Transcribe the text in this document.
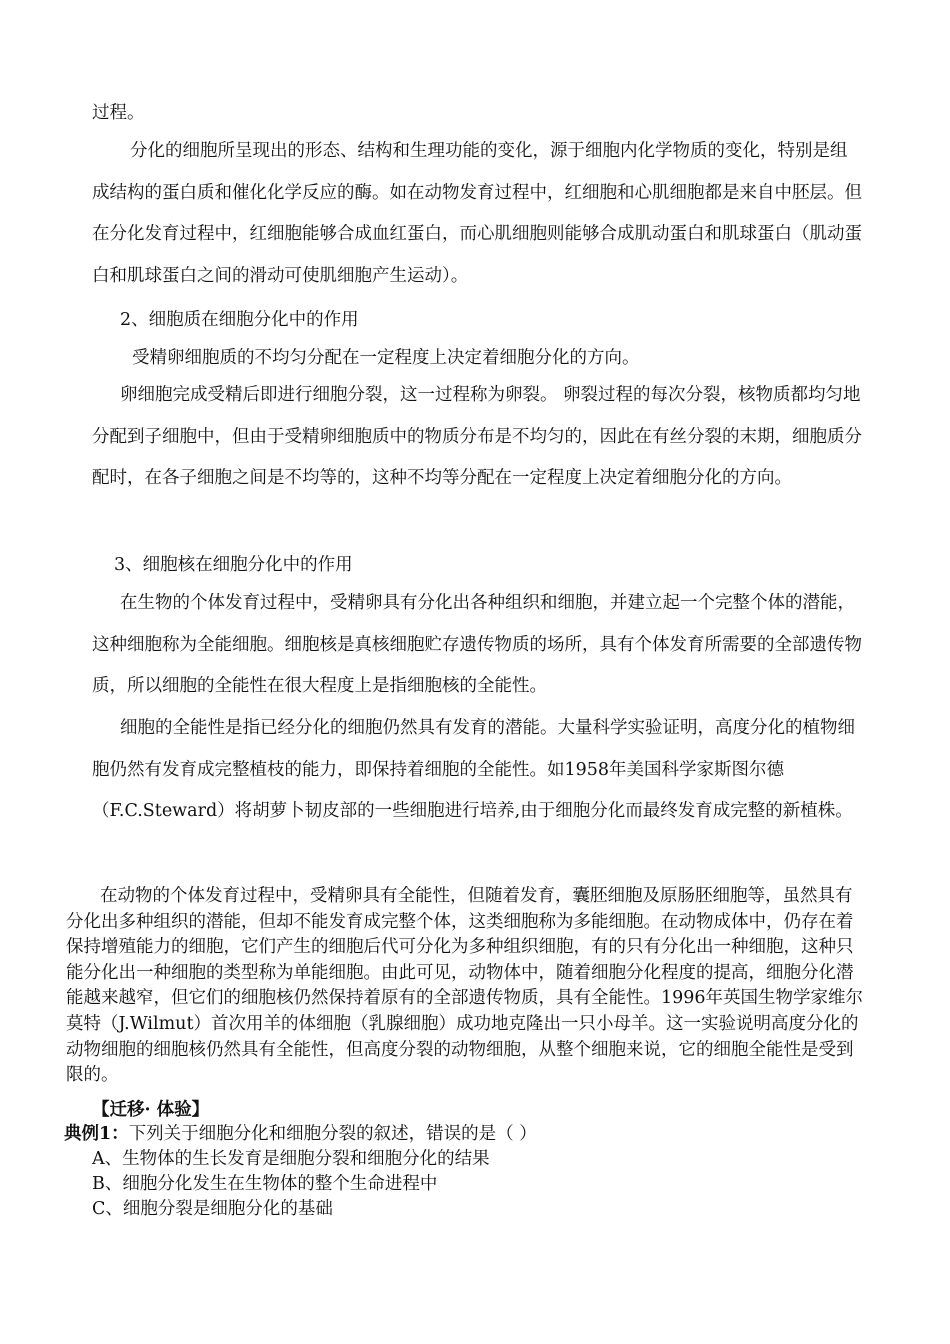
过程。

分化的细胞所呈现出的形态、结构和生理功能的变化，源于细胞内化学物质的变化，特别是组成结构的蛋白质和催化化学反应的酶。如在动物发育过程中，红细胞和心肌细胞都是来自中胚层。但在分化发育过程中，红细胞能够合成血红蛋白，而心肌细胞则能够合成肌动蛋白和肌球蛋白（肌动蛋白和肌球蛋白之间的滑动可使肌细胞产生运动）。

2、细胞质在细胞分化中的作用

受精卵细胞质的不均匀分配在一定程度上决定着细胞分化的方向。

卵细胞完成受精后即进行细胞分裂，这一过程称为卵裂。 卵裂过程的每次分裂，核物质都均匀地分配到子细胞中，但由于受精卵细胞质中的物质分布是不均匀的，因此在有丝分裂的末期，细胞质分配时，在各子细胞之间是不均等的，这种不均等分配在一定程度上决定着细胞分化的方向。

3、细胞核在细胞分化中的作用

在生物的个体发育过程中，受精卵具有分化出各种组织和细胞，并建立起一个完整个体的潜能，这种细胞称为全能细胞。细胞核是真核细胞贮存遗传物质的场所，具有个体发育所需要的全部遗传物质，所以细胞的全能性在很大程度上是指细胞核的全能性。

细胞的全能性是指已经分化的细胞仍然具有发育的潜能。大量科学实验证明，高度分化的植物细胞仍然有发育成完整植枝的能力，即保持着细胞的全能性。如1958年美国科学家斯图尔德（F.C.Steward）将胡萝卜韧皮部的一些细胞进行培养,由于细胞分化而最终发育成完整的新植株。

在动物的个体发育过程中，受精卵具有全能性，但随着发育，囊胚细胞及原肠胚细胞等，虽然具有分化出多种组织的潜能，但却不能发育成完整个体，这类细胞称为多能细胞。在动物成体中，仍存在着保持增殖能力的细胞，它们产生的细胞后代可分化为多种组织细胞，有的只有分化出一种细胞，这种只能分化出一种细胞的类型称为单能细胞。由此可见，动物体中，随着细胞分化程度的提高，细胞分化潜能越来越窄，但它们的细胞核仍然保持着原有的全部遗传物质，具有全能性。1996年英国生物学家维尔莫特（J.Wilmut）首次用羊的体细胞（乳腺细胞）成功地克隆出一只小母羊。这一实验说明高度分化的动物细胞的细胞核仍然具有全能性，但高度分裂的动物细胞，从整个细胞来说，它的细胞全能性是受到限的。

【迁移· 体验】

典例1：下列关于细胞分化和细胞分裂的叙述，错误的是（ ）

A、生物体的生长发育是细胞分裂和细胞分化的结果

B、细胞分化发生在生物体的整个生命进程中

C、细胞分裂是细胞分化的基础
